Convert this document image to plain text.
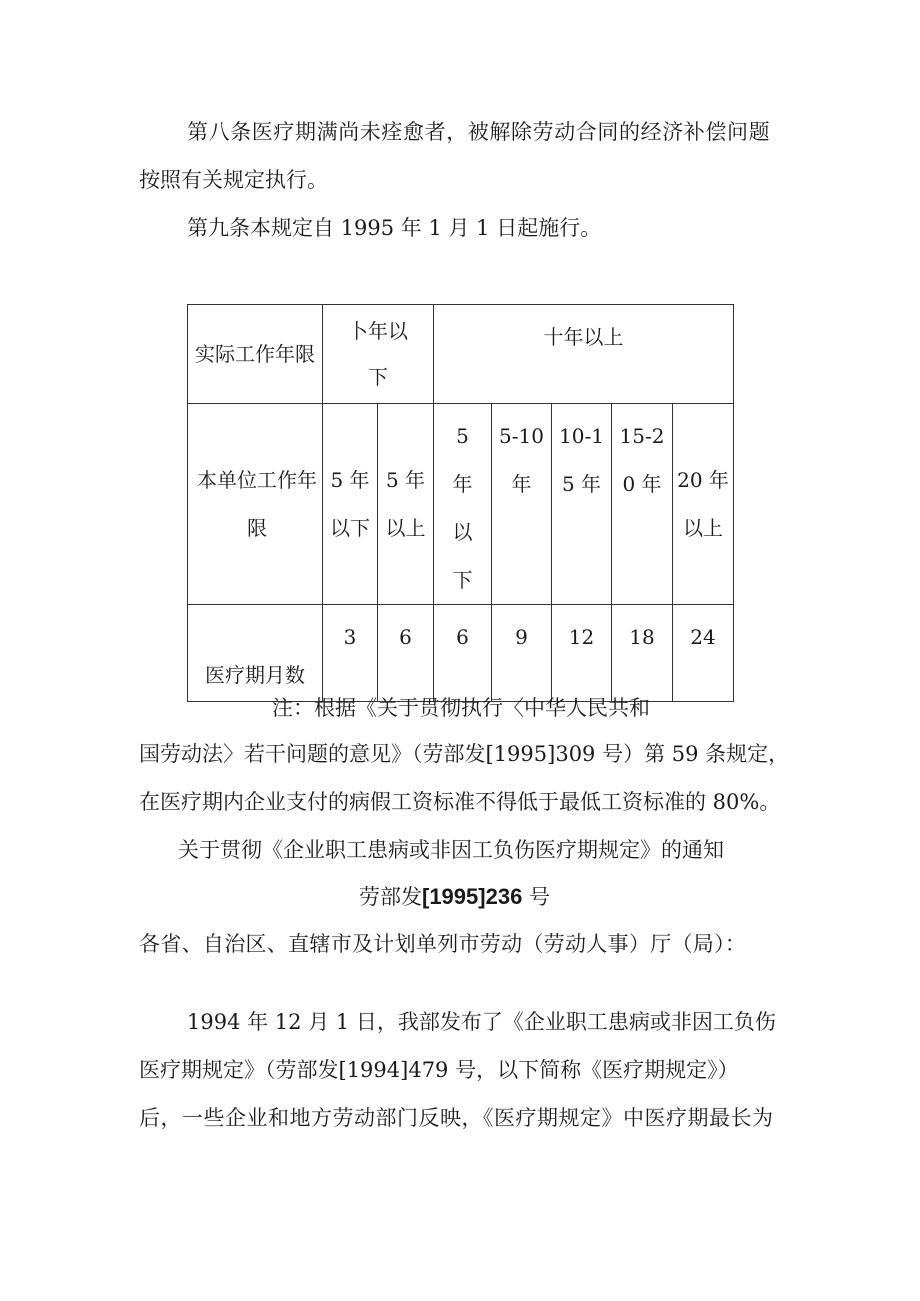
第八条医疗期满尚未痊愈者，被解除劳动合同的经济补偿问题
按照有关规定执行。
第九条本规定自 1995 年 1 月 1 日起施行。
实际工作年限	卜年以下		十年以上				

本单位工作年限	5 年以下	5 年以上	5 年以下	5-10 年	10-15 年	15-20 年	20 年以上

医疗期月数	3	6	6	9	12	18	24
注：根据《关于贯彻执行〈中华人民共和
国劳动法〉若干问题的意见》（劳部发[1995]309 号）第 59 条规定，
在医疗期内企业支付的病假工资标准不得低于最低工资标准的 80%。
关于贯彻《企业职工患病或非因工负伤医疗期规定》的通知
劳部发[1995]236 号
各省、自治区、直辖市及计划单列市劳动（劳动人事）厅（局）：
1994 年 12 月 1 日，我部发布了《企业职工患病或非因工负伤
医疗期规定》（劳部发[1994]479 号，以下简称《医疗期规定》）
后，一些企业和地方劳动部门反映，《医疗期规定》中医疗期最长为
